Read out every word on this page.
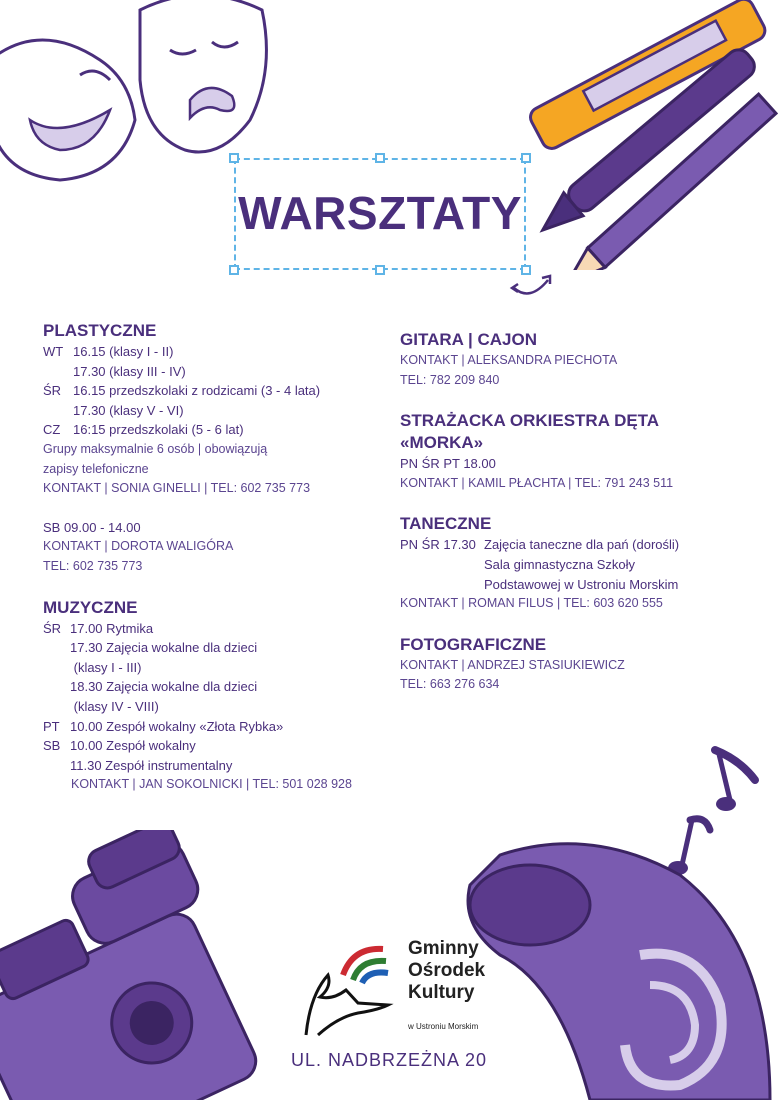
WARSZTATY
PLASTYCZNE
WT 16.15 (klasy I - II)
17.30 (klasy III - IV)
ŚR 16.15 przedszkolaki z rodzicami (3 - 4 lata)
17.30 (klasy V - VI)
CZ 16:15 przedszkolaki (5 - 6 lat)
Grupy maksymalnie 6 osób | obowiązują
zapisy telefoniczne
KONTAKT | SONIA GINELLI | TEL: 602 735 773
SB 09.00 - 14.00
KONTAKT | DOROTA WALIGÓRA
TEL: 602 735 773
MUZYCZNE
ŚR 17.00 Rytmika
17.30 Zajęcia wokalne dla dzieci
(klasy I - III)
18.30 Zajęcia wokalne dla dzieci
(klasy IV - VIII)
PT 10.00 Zespół wokalny «Złota Rybka»
SB 10.00 Zespół wokalny
11.30 Zespół instrumentalny
KONTAKT | JAN SOKOLNICKI | TEL: 501 028 928
GITARA | CAJON
KONTAKT | ALEKSANDRA PIECHOTA
TEL: 782 209 840
STRAŻACKA ORKIESTRA DĘTA «MORKA»
PN ŚR PT 18.00
KONTAKT | KAMIL PŁACHTA | TEL: 791 243 511
TANECZNE
PN ŚR 17.30 Zajęcia taneczne dla pań (dorośli)
Sala gimnastyczna Szkoły
Podstawowej w Ustroniu Morskim
KONTAKT | ROMAN FILUS | TEL: 603 620 555
FOTOGRAFICZNE
KONTAKT | ANDRZEJ STASIUKIEWICZ
TEL: 663 276 634
Gminny
Ośrodek
Kultury
w Ustroniu Morskim
UL. NADBRZEŻNA 20
